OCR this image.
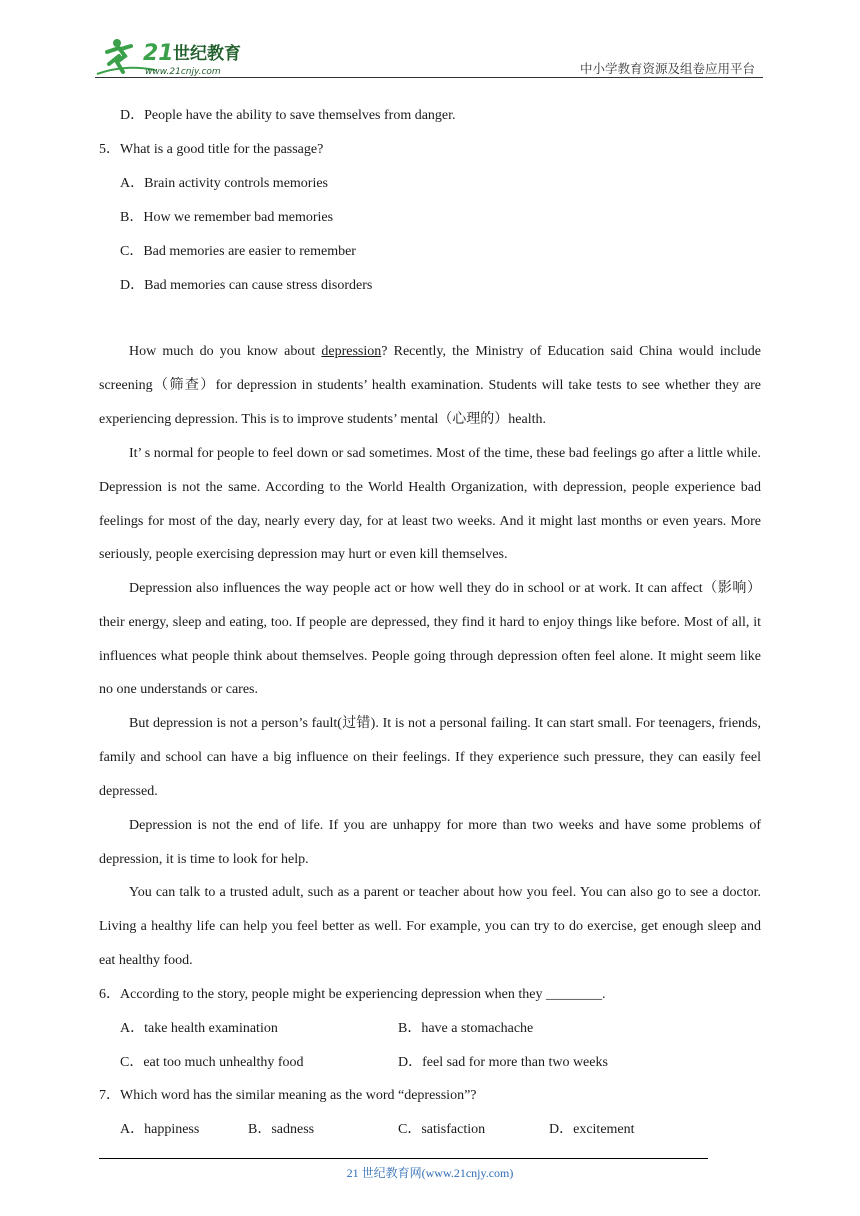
21 世纪教育
www.21cnjy.com	中小学教育资源及组卷应用平台
D．People have the ability to save themselves from danger.
5．What is a good title for the passage?
A．Brain activity controls memories
B．How we remember bad memories
C．Bad memories are easier to remember
D．Bad memories can cause stress disorders
How much do you know about depression? Recently, the Ministry of Education said China would include screening（筛查）for depression in students’ health examination. Students will take tests to see whether they are experiencing depression. This is to improve students’ mental（心理的）health.
It’ s normal for people to feel down or sad sometimes. Most of the time, these bad feelings go after a little while. Depression is not the same. According to the World Health Organization, with depression, people experience bad feelings for most of the day, nearly every day, for at least two weeks. And it might last months or even years. More seriously, people exercising depression may hurt or even kill themselves.
Depression also influences the way people act or how well they do in school or at work. It can affect（影响）their energy, sleep and eating, too. If people are depressed, they find it hard to enjoy things like before. Most of all, it influences what people think about themselves. People going through depression often feel alone. It might seem like no one understands or cares.
But depression is not a person’s fault(过错). It is not a personal failing. It can start small. For teenagers, friends, family and school can have a big influence on their feelings. If they experience such pressure, they can easily feel depressed.
Depression is not the end of life. If you are unhappy for more than two weeks and have some problems of depression, it is time to look for help.
You can talk to a trusted adult, such as a parent or teacher about how you feel. You can also go to see a doctor. Living a healthy life can help you feel better as well. For example, you can try to do exercise, get enough sleep and eat healthy food.
6．According to the story, people might be experiencing depression when they ________.
A．take health examination	B．have a stomachache
C．eat too much unhealthy food	D．feel sad for more than two weeks
7．Which word has the similar meaning as the word “depression”?
A．happiness	B．sadness	C．satisfaction	D．excitement
21 世纪教育网(www.21cnjy.com)
